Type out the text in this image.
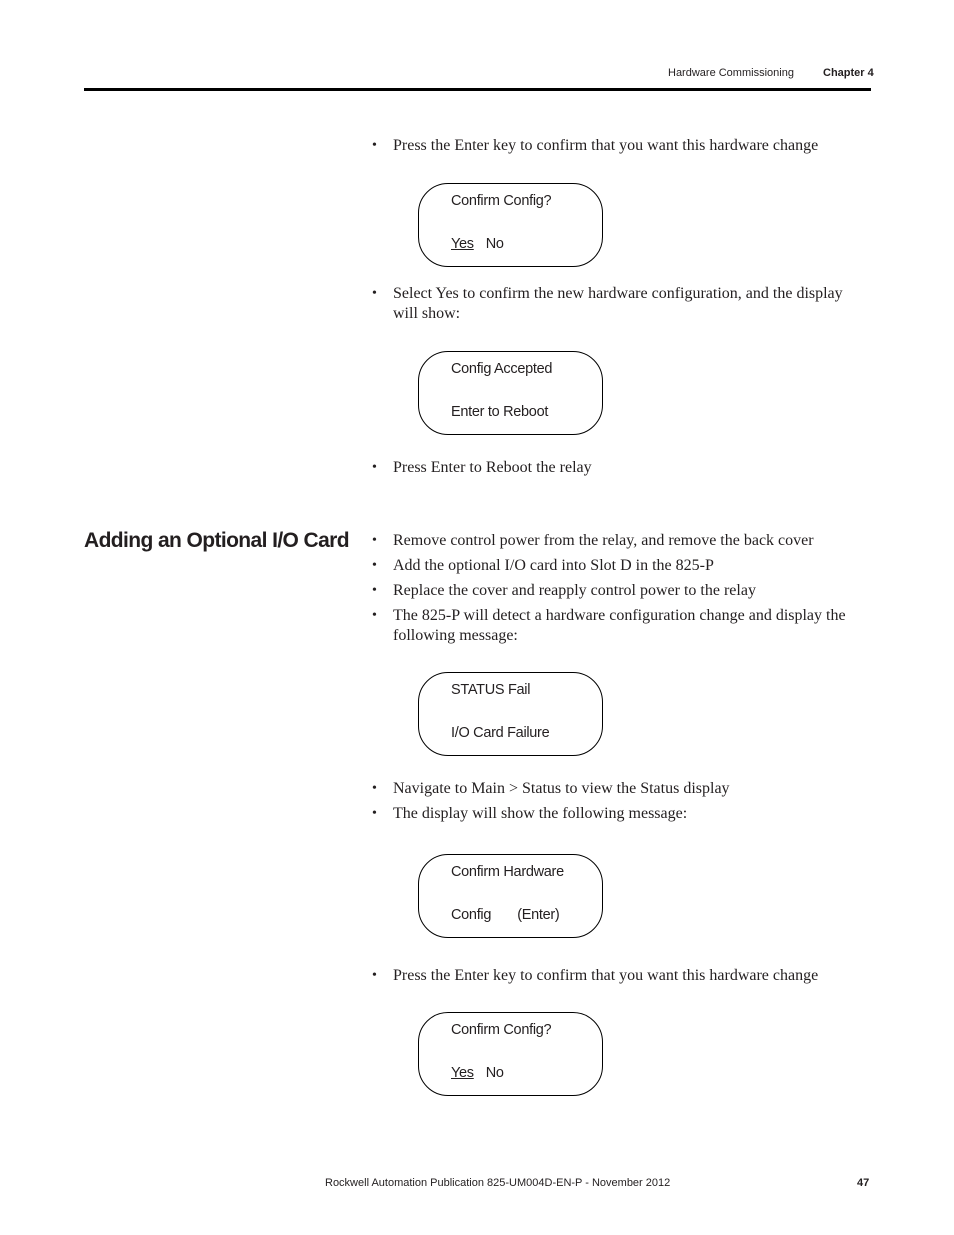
Hardware Commissioning	Chapter 4
• Press the Enter key to confirm that you want this hardware change
Confirm Config?
Yes No
• Select Yes to confirm the new hardware configuration, and the display will show:
Config Accepted
Enter to Reboot
• Press Enter to Reboot the relay
Adding an Optional I/O Card • Remove control power from the relay, and remove the back cover
• Add the optional I/O card into Slot D in the 825-P
• Replace the cover and reapply control power to the relay
• The 825-P will detect a hardware configuration change and display the following message:
STATUS Fail
I/O Card Failure
• Navigate to Main > Status to view the Status display
• The display will show the following message:
Confirm Hardware
Config       (Enter)
• Press the Enter key to confirm that you want this hardware change
Confirm Config?
Yes No
Rockwell Automation Publication 825-UM004D-EN-P - November 2012	47
